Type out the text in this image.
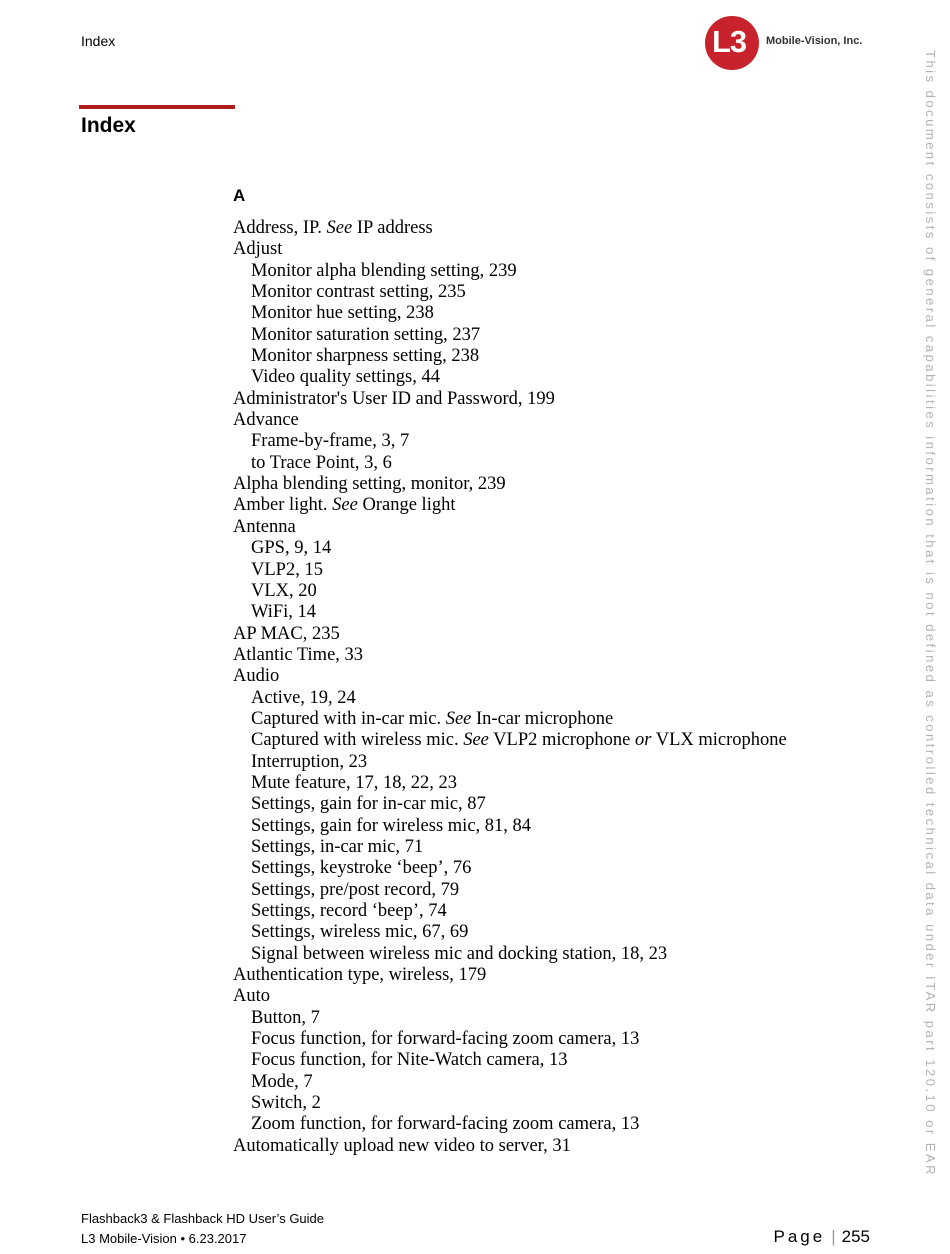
Index	L3 Mobile-Vision, Inc.
Index
A
Address, IP. See IP address
Adjust
Monitor alpha blending setting, 239
Monitor contrast setting, 235
Monitor hue setting, 238
Monitor saturation setting, 237
Monitor sharpness setting, 238
Video quality settings, 44
Administrator's User ID and Password, 199
Advance
Frame-by-frame, 3, 7
to Trace Point, 3, 6
Alpha blending setting, monitor, 239
Amber light. See Orange light
Antenna
GPS, 9, 14
VLP2, 15
VLX, 20
WiFi, 14
AP MAC, 235
Atlantic Time, 33
Audio
Active, 19, 24
Captured with in-car mic. See In-car microphone
Captured with wireless mic. See VLP2 microphone or VLX microphone
Interruption, 23
Mute feature, 17, 18, 22, 23
Settings, gain for in-car mic, 87
Settings, gain for wireless mic, 81, 84
Settings, in-car mic, 71
Settings, keystroke ‘beep’, 76
Settings, pre/post record, 79
Settings, record ‘beep’, 74
Settings, wireless mic, 67, 69
Signal between wireless mic and docking station, 18, 23
Authentication type, wireless, 179
Auto
Button, 7
Focus function, for forward-facing zoom camera, 13
Focus function, for Nite-Watch camera, 13
Mode, 7
Switch, 2
Zoom function, for forward-facing zoom camera, 13
Automatically upload new video to server, 31	This document consists of general capabilities information that is not defined as controlled technical data under ITAR part 120.10 or EAR
Flashback3 & Flashback HD User’s Guide
L3 Mobile-Vision • 6.23.2017	Page | 255
